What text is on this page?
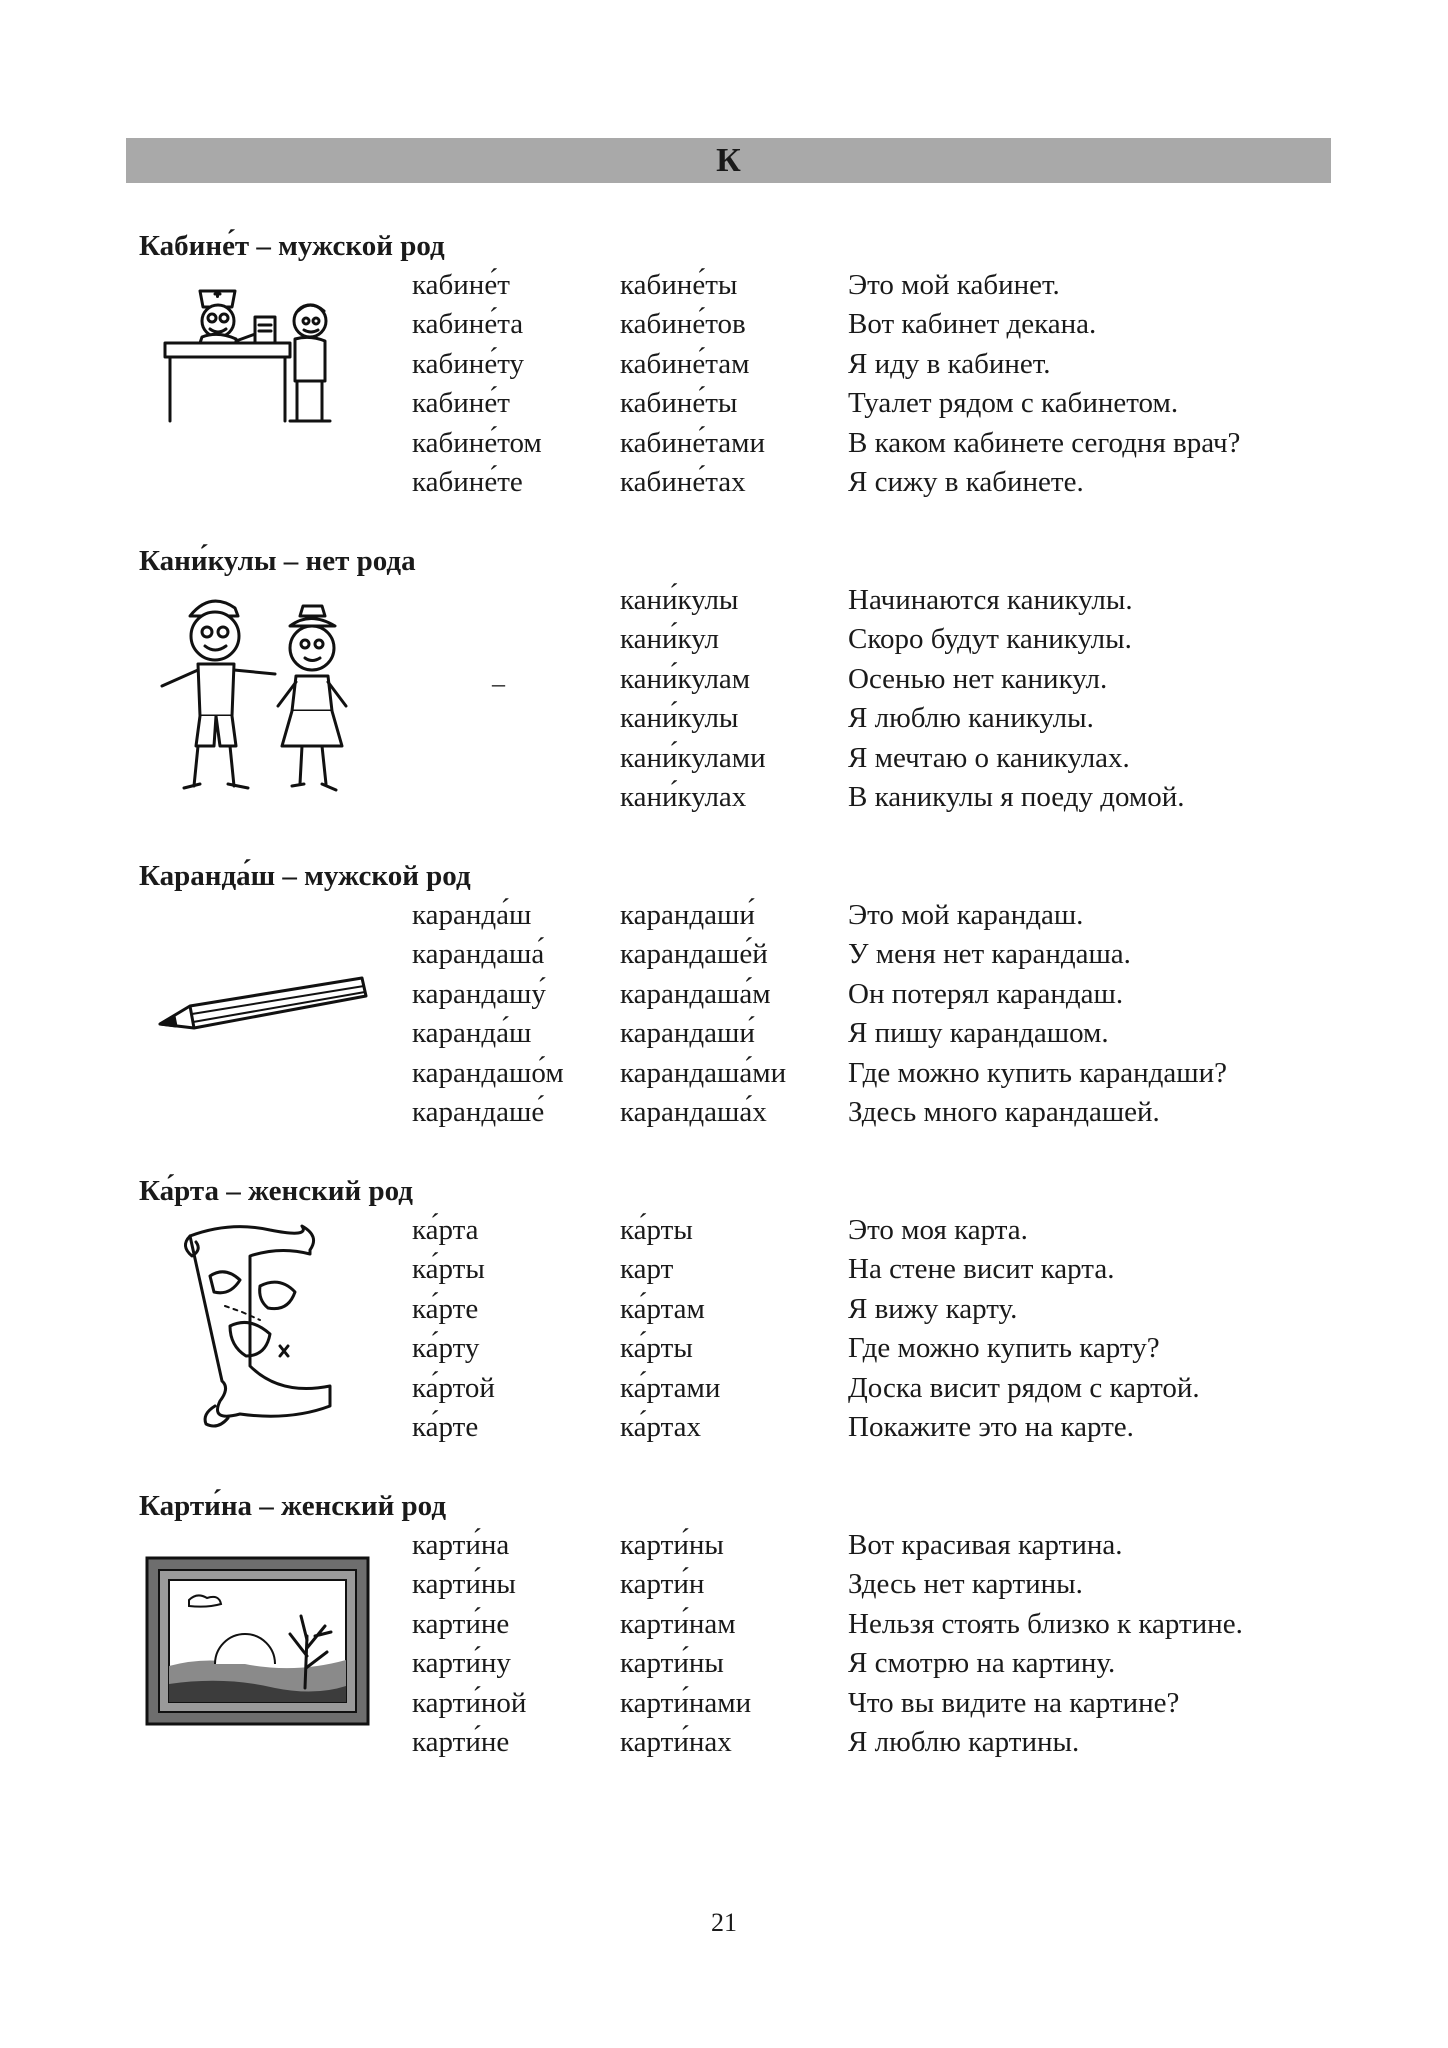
К
Кабине́т – мужской род
кабине́т
кабине́та
кабине́ту
кабине́т
кабине́том
кабине́те
кабине́ты
кабине́тов
кабине́там
кабине́ты
кабине́тами
кабине́тах
Это мой кабинет.
Вот кабинет декана.
Я иду в кабинет.
Туалет рядом с кабинетом.
В каком кабинете сегодня врач?
Я сижу в кабинете.
Кани́кулы – нет рода
–
кани́кулы
кани́кул
кани́кулам
кани́кулы
кани́кулами
кани́кулах
Начинаются каникулы.
Скоро будут каникулы.
Осенью нет каникул.
Я люблю каникулы.
Я мечтаю о каникулах.
В каникулы я поеду домой.
Каранда́ш – мужской род
каранда́ш
карандаша́
карандашу́
каранда́ш
карандашо́м
карандаше́
карандаши́
карандаше́й
карандаша́м
карандаши́
карандаша́ми
карандаша́х
Это мой карандаш.
У меня нет карандаша.
Он потерял карандаш.
Я пишу карандашом.
Где можно купить карандаши?
Здесь много карандашей.
Ка́рта – женский род
ка́рта
ка́рты
ка́рте
ка́рту
ка́ртой
ка́рте
ка́рты
карт
ка́ртам
ка́рты
ка́ртами
ка́ртах
Это моя карта.
На стене висит карта.
Я вижу карту.
Где можно купить карту?
Доска висит рядом с картой.
Покажите это на карте.
Карти́на – женский род
карти́на
карти́ны
карти́не
карти́ну
карти́ной
карти́не
карти́ны
карти́н
карти́нам
карти́ны
карти́нами
карти́нах
Вот красивая картина.
Здесь нет картины.
Нельзя стоять близко к картине.
Я смотрю на картину.
Что вы видите на картине?
Я люблю картины.
21
